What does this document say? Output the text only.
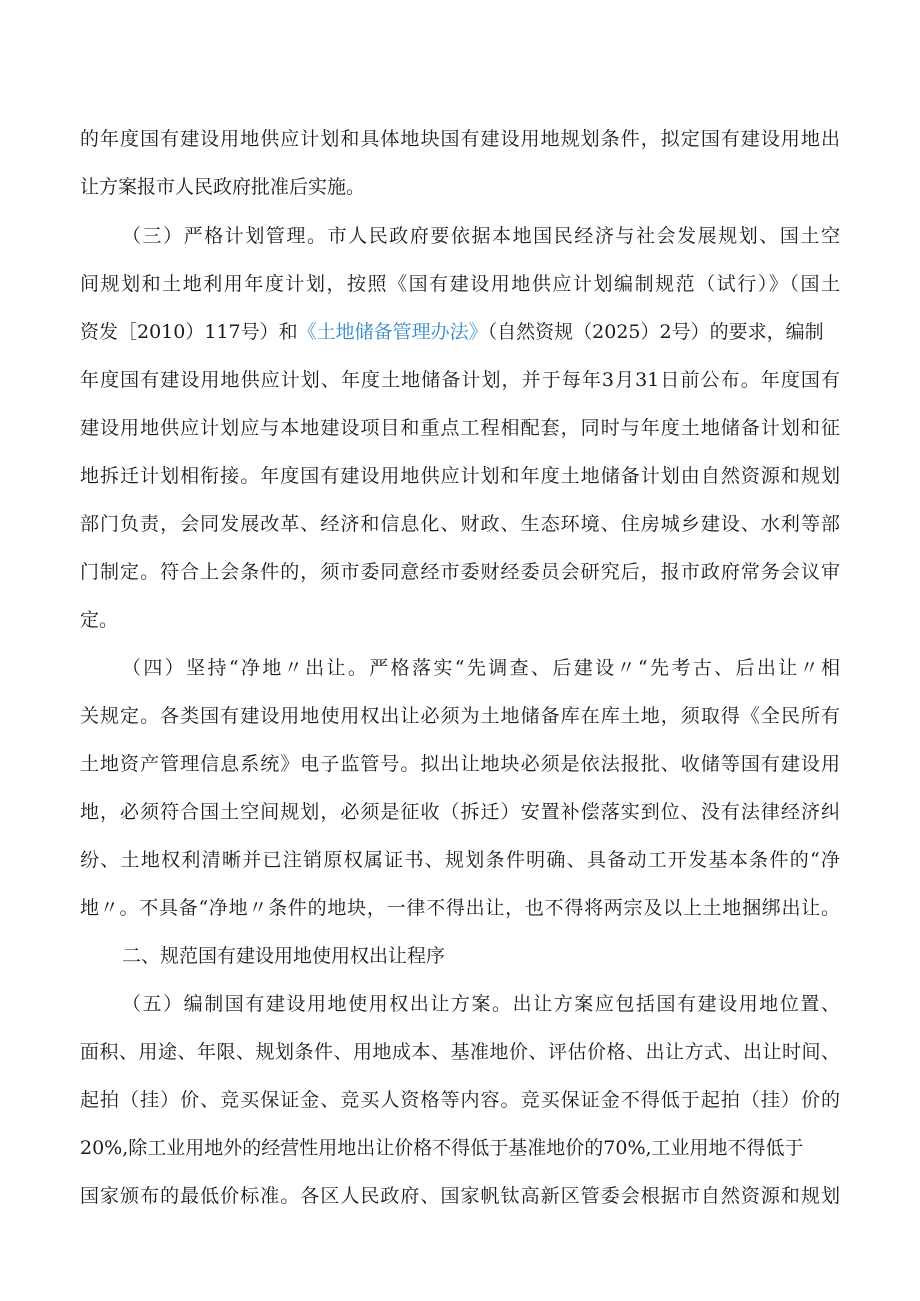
的年度国有建设用地供应计划和具体地块国有建设用地规划条件，拟定国有建设用地出
让方案报市人民政府批准后实施。
（三）严格计划管理。市人民政府要依据本地国民经济与社会发展规划、国土空
间规划和土地利用年度计划，按照《国有建设用地供应计划编制规范（试行）》（国土
资发［2010）117号）和《土地储备管理办法》（自然资规（2025）2号）的要求，编制
年度国有建设用地供应计划、年度土地储备计划，并于每年3月31日前公布。年度国有
建设用地供应计划应与本地建设项目和重点工程相配套，同时与年度土地储备计划和征
地拆迁计划相衔接。年度国有建设用地供应计划和年度土地储备计划由自然资源和规划
部门负责，会同发展改革、经济和信息化、财政、生态环境、住房城乡建设、水利等部
门制定。符合上会条件的，须市委同意经市委财经委员会研究后，报市政府常务会议审
定。
（四）坚持“净地〃出让。严格落实“先调查、后建设〃“先考古、后出让〃相
关规定。各类国有建设用地使用权出让必须为土地储备库在库土地，须取得《全民所有
土地资产管理信息系统》电子监管号。拟出让地块必须是依法报批、收储等国有建设用
地，必须符合国土空间规划，必须是征收（拆迁）安置补偿落实到位、没有法律经济纠
纷、土地权利清晰并已注销原权属证书、规划条件明确、具备动工开发基本条件的“净
地〃。不具备“净地〃条件的地块，一律不得出让，也不得将两宗及以上土地捆绑出让。
二、规范国有建设用地使用权出让程序
（五）编制国有建设用地使用权出让方案。出让方案应包括国有建设用地位置、
面积、用途、年限、规划条件、用地成本、基准地价、评估价格、出让方式、出让时间、
起拍（挂）价、竞买保证金、竞买人资格等内容。竞买保证金不得低于起拍（挂）价的
20%,除工业用地外的经营性用地出让价格不得低于基准地价的70%,工业用地不得低于
国家颁布的最低价标准。各区人民政府、国家帆钛高新区管委会根据市自然资源和规划
